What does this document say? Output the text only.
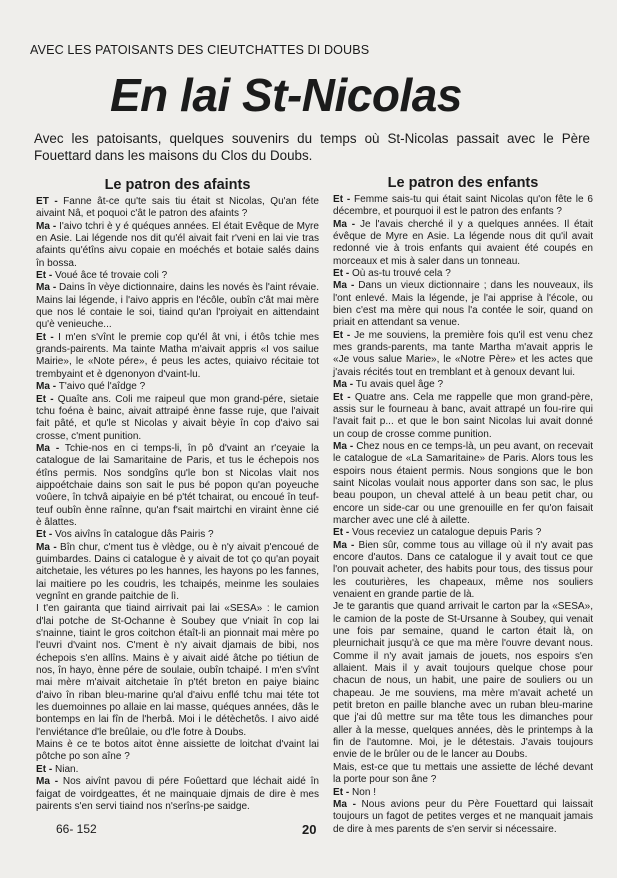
AVEC LES PATOISANTS DES CIEUTCHATTES DI DOUBS
En lai St-Nicolas
Avec les patoisants, quelques souvenirs du temps où St-Nicolas passait avec le Père Fouettard dans les maisons du Clos du Doubs.
Le patron des afaints

ET - Fanne ât-ce qu'te sais tiu était st Nicolas, Qu'an féte aivaint Nâ, et poquoi c'ât le patron des afaints ?

Ma - I'aivo tchri è y é quéques années. El était Evêque de Myre en Asie. Lai légende nos dit qu'él aivait fait r'veni en lai vie tras afaints qu'étîns aivu copaie en moéchés et botaie salés dains în bossa.

Et - Voué âce té trovaie coli ?

Ma - Dains în vèye dictionnaire, dains les novés ès l'aint révaie. Mains lai légende, i l'aivo appris en l'écôle, oubîn c'ât mai mère que nos lé contaie le soi, tiaind qu'an l'proiyait en aittendaint qu'è venieuche...

Et - I m'en s'vînt le premie cop qu'él ât vni, i étôs tchie mes grands-pairents. Ma tainte Matha m'aivait appris «I vos sailue Mairie», le «Note pére», é peus les actes, quiaivo récitaie tot trembyaint et è dgenonyon d'vaint-lu.

Ma - T'aivo qué l'aîdge ?

Et - Quaîte ans. Coli me raipeul que mon grand-pére, sietaie tchu foéna è bainc, aivait attraipé ènne fasse ruje, que l'aivait fait pâté, et qu'le st Nicolas y aivait bèyie în cop d'aivo sai crosse, c'ment punition.

Ma - Tchie-nos en ci temps-li, în pô d'vaint an r'ceyaie la catalogue de lai Samaritaine de Paris, et tus le échepois nos étîns permis. Nos sondgîns qu'le bon st Nicolas vlait nos aippoétchaie dains son sait le pus bé popon qu'an poyeuche voûere, în tchvâ aipaiyie en bé p'tét tchairat, ou encoué în teuf-teuf oubîn ènne raînne, qu'an f'sait mairtchi en viraint ènne cié è âlattes.

Et - Vos aivîns în catalogue dâs Pairis ?

Ma - Bîn chur, c'ment tus è vlèdge, ou è n'y aivait p'encoué de guimbardes. Dains ci catalogue è y aivait de tot ço qu'an poyait aitchetaie, les vétures po les hannes, les hayons po les fannes, lai maitiere po les coudris, les tchaipés, meinme les soulaies vegnînt en grande paitchie de lì.

I t'en gairanta que tiaind airrivait pai lai «SESA» : le camion d'lai potche de St-Ochanne è Soubey que v'niait în cop lai s'nainne, tiaint le gros coitchon étaît-li an pionnait mai mère po l'euvri d'vaint nos. C'ment è n'y aivait djamais de bibi, nos échepois s'en allîns. Mains è y aivait aidé âtche po tiétiun de nos, în hayo, ènne pére de soulaie, oubîn tchaipé. I m'en s'vînt mai mère m'aivait aitchetaie în p'tét breton en paiye biainc d'aivo în riban bleu-marine qu'al d'aivu enflé tchu mai téte tot les duemoinnes po allaie en lai masse, quéques années, dâs le bontemps en lai fîn de l'herbâ. Moi i le détèchetôs. I aivo aidé l'enviétance d'le breûlaie, ou d'le fotre à Doubs.

Mains è ce te botos aitot ènne aissiette de loitchat d'vaint lai pôtche po son aîne ?

Et - Nian.

Ma - Nos aivînt pavou di pére Foûettard que léchait aidé în faigat de voirdgeattes, ét ne mainquaie djmais de dire è mes pairents s'en servi tiaind nos n'serîns-pe saidge.

Le patron des enfants

Et - Femme sais-tu qui était saint Nicolas qu'on fête le 6 décembre, et pourquoi il est le patron des enfants ?

Ma - Je l'avais cherché il y a quelques années. Il était évêque de Myre en Asie. La légende nous dit qu'il avait redonné vie à trois enfants qui avaient été coupés en morceaux et mis à saler dans un tonneau.

Et - Où as-tu trouvé cela ?

Ma - Dans un vieux dictionnaire ; dans les nouveaux, ils l'ont enlevé. Mais la légende, je l'ai apprise à l'école, ou bien c'est ma mère qui nous l'a contée le soir, quand on priait en attendant sa venue.

Et - Je me souviens, la première fois qu'il est venu chez mes grands-parents, ma tante Martha m'avait appris le «Je vous salue Marie», le «Notre Père» et les actes que j'avais récités tout en tremblant et à genoux devant lui.

Ma - Tu avais quel âge ?

Et - Quatre ans. Cela me rappelle que mon grand-père, assis sur le fourneau à banc, avait attrapé un fou-rire qui l'avait fait p... et que le bon saint Nicolas lui avait donné un coup de crosse comme punition.

Ma - Chez nous en ce temps-là, un peu avant, on recevait le catalogue de «La Samaritaine» de Paris. Alors tous les espoirs nous étaient permis. Nous songions que le bon saint Nicolas voulait nous apporter dans son sac, le plus beau poupon, un cheval attelé à un beau petit char, ou encore un side-car ou une grenouille en fer qu'on faisait marcher avec une clé à ailette.

Et - Vous receviez un catalogue depuis Paris ?

Ma - Bien sûr, comme tous au village où il n'y avait pas encore d'autos. Dans ce catalogue il y avait tout ce que l'on pouvait acheter, des habits pour tous, des tissus pour les couturières, les chapeaux, même nos souliers venaient en grande partie de là.

Je te garantis que quand arrivait le carton par la «SESA», le camion de la poste de St-Ursanne à Soubey, qui venait une fois par semaine, quand le carton était là, on pleurnichait jusqu'à ce que ma mère l'ouvre devant nous. Comme il n'y avait jamais de jouets, nos espoirs s'en allaient. Mais il y avait toujours quelque chose pour chacun de nous, un habit, une paire de souliers ou un chapeau. Je me souviens, ma mère m'avait acheté un petit breton en paille blanche avec un ruban bleu-marine que j'ai dû mettre sur ma tête tous les dimanches pour aller à la messe, quelques années, dès le printemps à la fin de l'automne. Moi, je le détestais. J'avais toujours envie de le brûler ou de le lancer au Doubs.

Mais, est-ce que tu mettais une assiette de léché devant la porte pour son âne ?

Et - Non !

Ma - Nous avions peur du Père Fouettard qui laissait toujours un fagot de petites verges et ne manquait jamais de dire à mes parents de s'en servir si nécessaire.

66- 152	20
